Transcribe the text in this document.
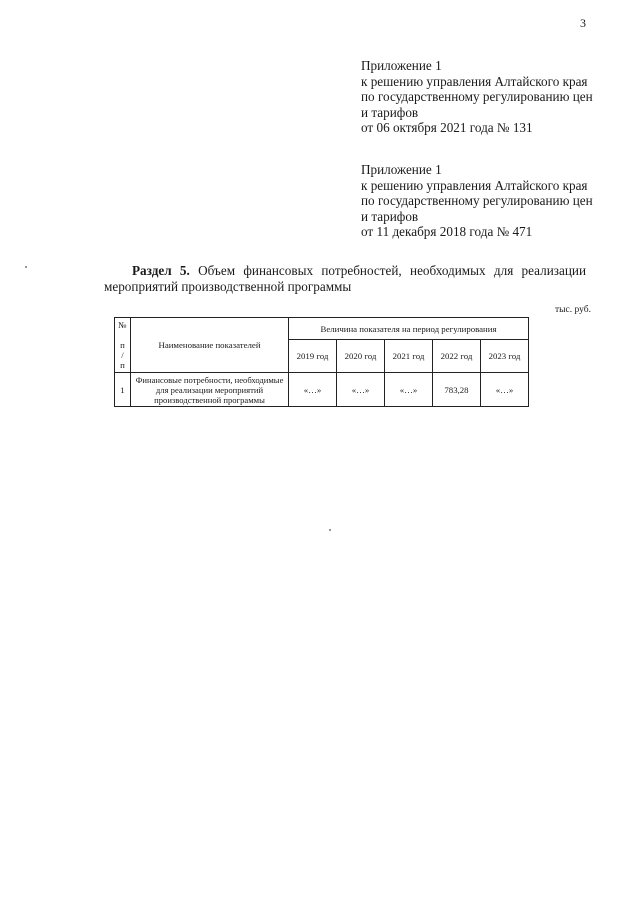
3
Приложение 1
к решению управления Алтайского края
по государственному регулированию цен
и тарифов
от 06 октября 2021 года № 131
Приложение 1
к решению управления Алтайского края
по государственному регулированию цен
и тарифов
от 11 декабря 2018 года № 471
Раздел 5. Объем финансовых потребностей, необходимых для реализации мероприятий производственной программы
тыс. руб.
№
п
/
п	Наименование показателей	Величина показателя на период регулирования				
		2019 год	2020 год	2021 год	2022 год	2023 год
1	Финансовые потребности, необходимые для реализации мероприятий производственной программы	«…»	«…»	«…»	783,28	«…»
